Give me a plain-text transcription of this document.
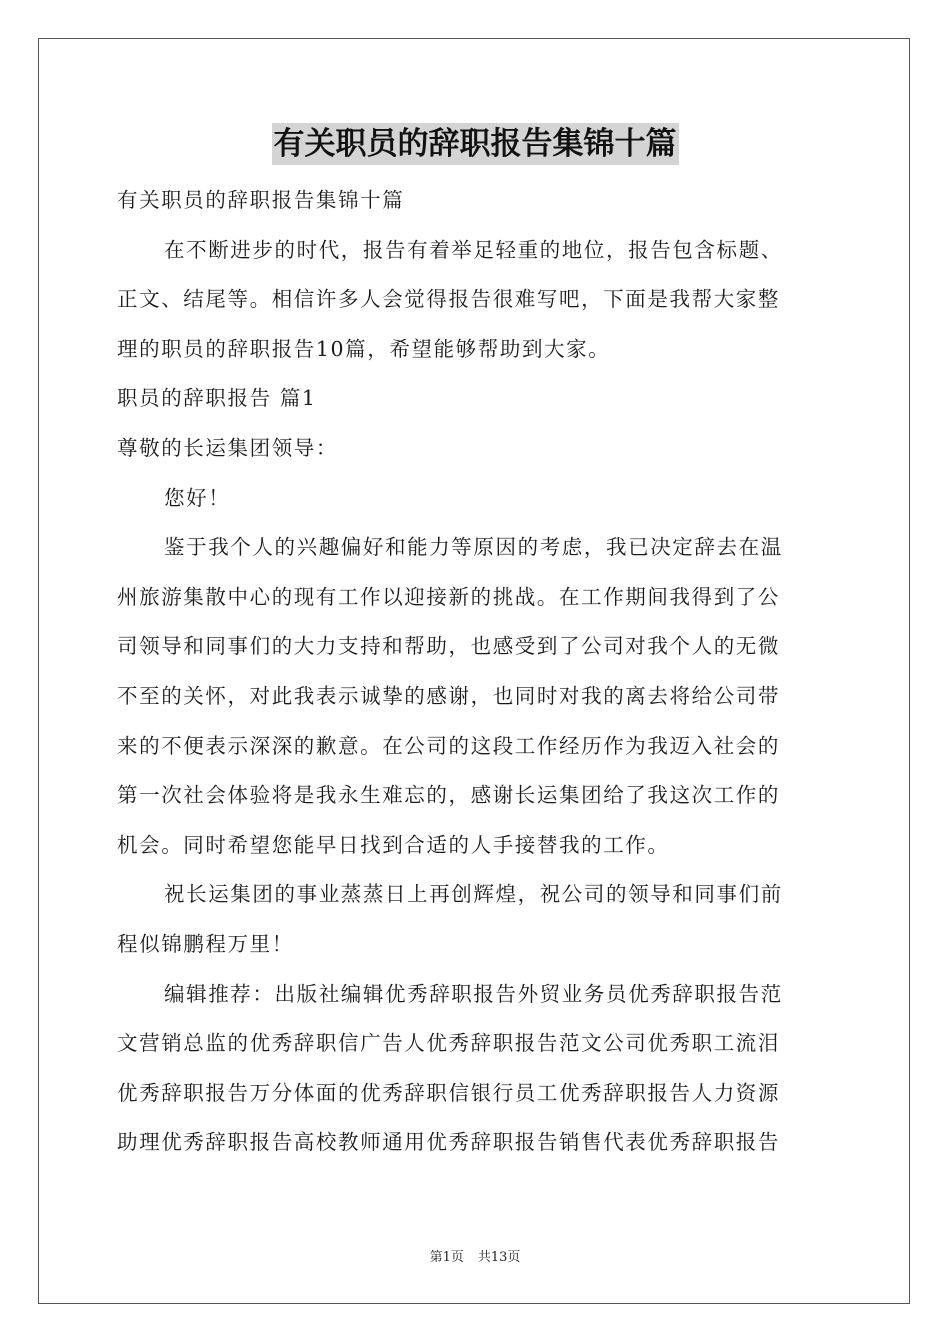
有关职员的辞职报告集锦十篇
有关职员的辞职报告集锦十篇
在不断进步的时代，报告有着举足轻重的地位，报告包含标题、
正文、结尾等。相信许多人会觉得报告很难写吧，下面是我帮大家整
理的职员的辞职报告10篇，希望能够帮助到大家。
职员的辞职报告 篇1
尊敬的长运集团领导：
您好！
鉴于我个人的兴趣偏好和能力等原因的考虑，我已决定辞去在温
州旅游集散中心的现有工作以迎接新的挑战。在工作期间我得到了公
司领导和同事们的大力支持和帮助，也感受到了公司对我个人的无微
不至的关怀，对此我表示诚挚的感谢，也同时对我的离去将给公司带
来的不便表示深深的歉意。在公司的这段工作经历作为我迈入社会的
第一次社会体验将是我永生难忘的，感谢长运集团给了我这次工作的
机会。同时希望您能早日找到合适的人手接替我的工作。
祝长运集团的事业蒸蒸日上再创辉煌，祝公司的领导和同事们前
程似锦鹏程万里！
编辑推荐：出版社编辑优秀辞职报告外贸业务员优秀辞职报告范
文营销总监的优秀辞职信广告人优秀辞职报告范文公司优秀职工流泪
优秀辞职报告万分体面的优秀辞职信银行员工优秀辞职报告人力资源
助理优秀辞职报告高校教师通用优秀辞职报告销售代表优秀辞职报告
第1页 共13页
